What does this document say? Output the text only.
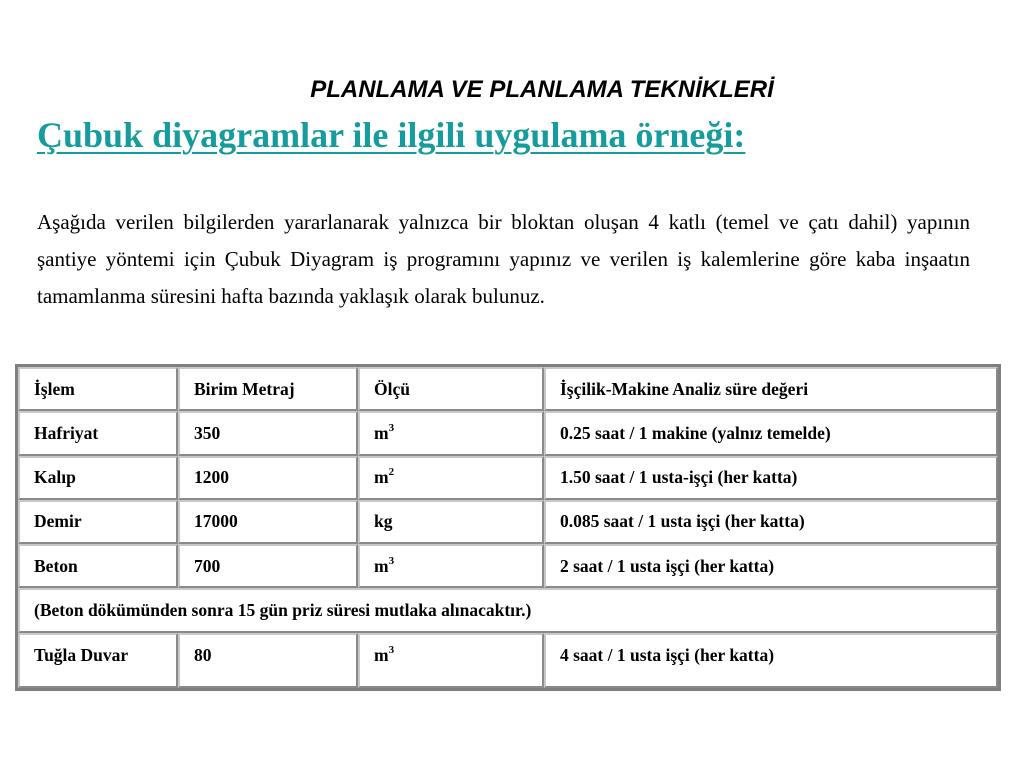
PLANLAMA VE PLANLAMA TEKNİKLERİ
Çubuk diyagramlar ile ilgili uygulama örneği:

Aşağıda verilen bilgilerden yararlanarak yalnızca bir bloktan oluşan 4 katlı (temel ve çatı dahil) yapının şantiye yöntemi için Çubuk Diyagram iş programını yapınız ve verilen iş kalemlerine göre kaba inşaatın tamamlanma süresini hafta bazında yaklaşık olarak bulunuz.

İşlem	Birim Metraj	Ölçü	İşçilik-Makine Analiz süre değeri
Hafriyat	350	$m^3$	0.25 saat / 1 makine (yalnız temelde)
Kalıp	1200	$m^2$	1.50 saat / 1 usta-işçi (her katta)
Demir	17000	kg	0.085 saat / 1 usta işçi (her katta)
Beton	700	$m^3$	2 saat / 1 usta işçi (her katta)
(Beton dökümünden sonra 15 gün priz süresi mutlaka alınacaktır.)			
Tuğla Duvar	80	$m^3$	4 saat / 1 usta işçi (her katta)
